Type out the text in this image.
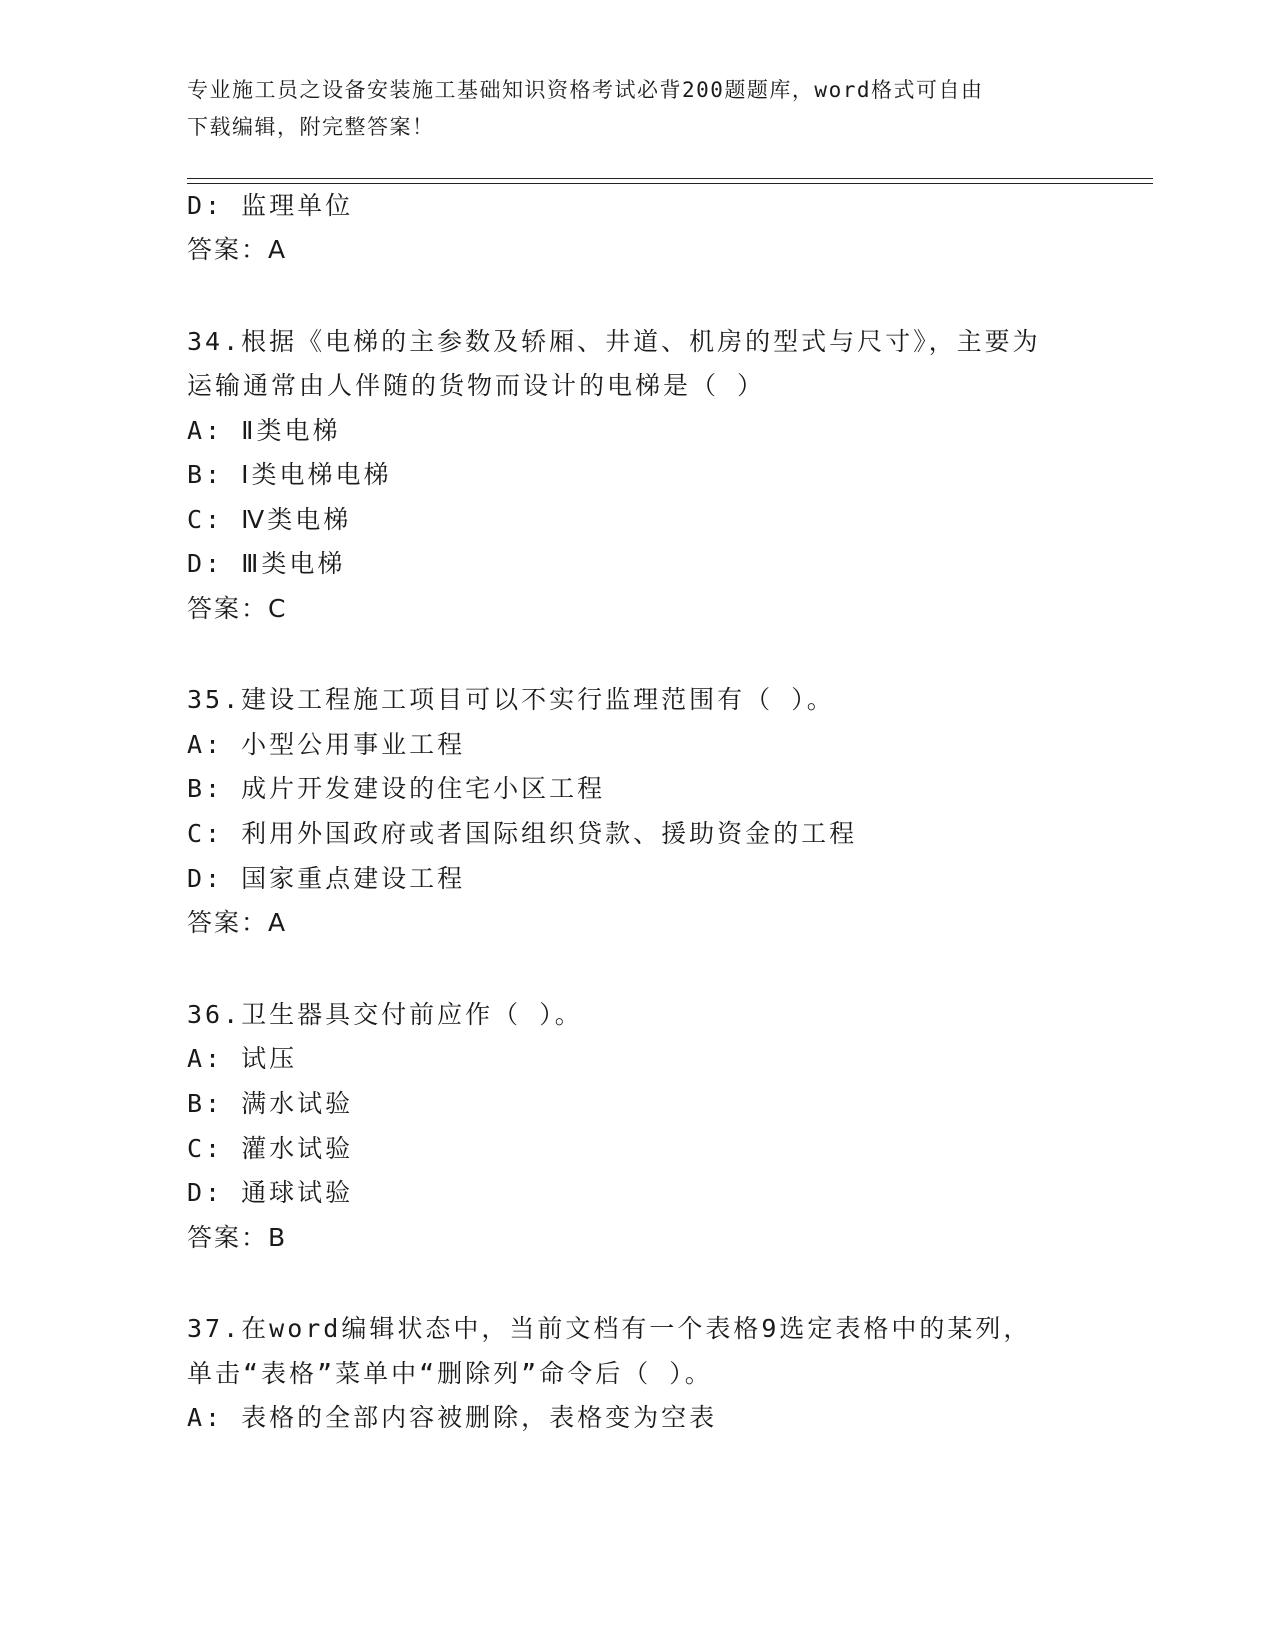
专业施工员之设备安装施工基础知识资格考试必背200题题库，word格式可自由
下载编辑，附完整答案！
D: 监理单位
答案：A
34.根据《电梯的主参数及轿厢、井道、机房的型式与尺寸》，主要为
运输通常由人伴随的货物而设计的电梯是（ ）
A: Ⅱ类电梯
B: Ⅰ类电梯电梯
C: Ⅳ类电梯
D: Ⅲ类电梯
答案：C
35.建设工程施工项目可以不实行监理范围有（ ）。
A: 小型公用事业工程
B: 成片开发建设的住宅小区工程
C: 利用外国政府或者国际组织贷款、援助资金的工程
D: 国家重点建设工程
答案：A
36.卫生器具交付前应作（ ）。
A: 试压
B: 满水试验
C: 灌水试验
D: 通球试验
答案：B
37.在word编辑状态中，当前文档有一个表格9选定表格中的某列，
单击“表格”菜单中“删除列”命令后（ ）。
A: 表格的全部内容被删除，表格变为空表
